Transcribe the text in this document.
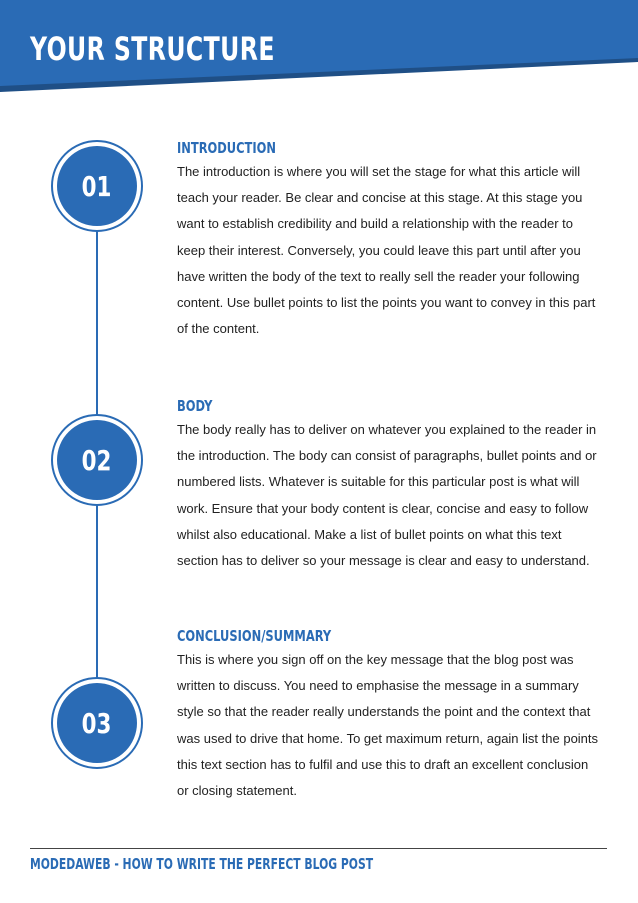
YOUR STRUCTURE
01
02
03
INTRODUCTION

The introduction is where you will set the stage for what this article will teach your reader. Be clear and concise at this stage. At this stage you want to establish credibility and build a relationship with the reader to keep their interest. Conversely, you could leave this part until after you have written the body of the text to really sell the reader your following content. Use bullet points to list the points you want to convey in this part of the content.

BODY

The body really has to deliver on whatever you explained to the reader in the introduction. The body can consist of paragraphs, bullet points and or numbered lists. Whatever is suitable for this particular post is what will work. Ensure that your body content is clear, concise and easy to follow whilst also educational. Make a list of bullet points on what this text section has to deliver so your message is clear and easy to understand.

CONCLUSION/SUMMARY

This is where you sign off on the key message that the blog post was written to discuss. You need to emphasise the message in a summary style so that the reader really understands the point and the context that was used to drive that home. To get maximum return, again list the points this text section has to fulfil and use this to draft an excellent conclusion or closing statement.

MODEDAWEB - HOW TO WRITE THE PERFECT BLOG POST
